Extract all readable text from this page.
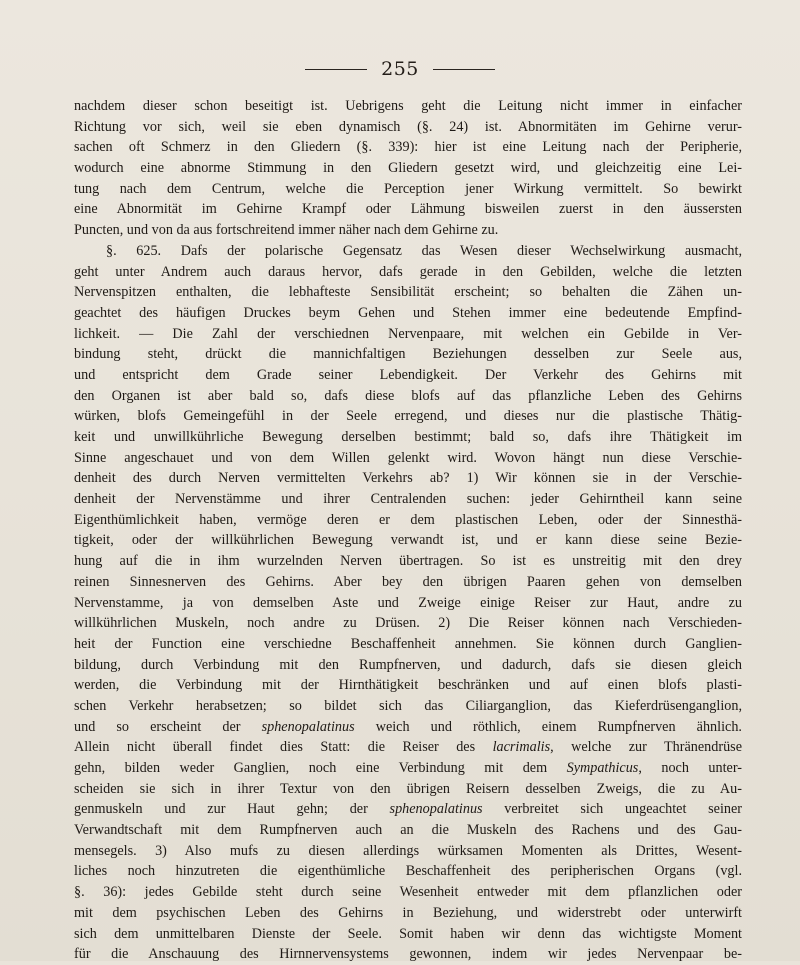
255
nachdem dieser schon beseitigt ist. Uebrigens geht die Leitung nicht immer in einfacher
Richtung vor sich, weil sie eben dynamisch (§. 24) ist. Abnormitäten im Gehirne verur-
sachen oft Schmerz in den Gliedern (§. 339): hier ist eine Leitung nach der Peripherie,
wodurch eine abnorme Stimmung in den Gliedern gesetzt wird, und gleichzeitig eine Lei-
tung nach dem Centrum, welche die Perception jener Wirkung vermittelt. So bewirkt
eine Abnormität im Gehirne Krampf oder Lähmung bisweilen zuerst in den äussersten
Puncten, und von da aus fortschreitend immer näher nach dem Gehirne zu.
§. 625. Dafs der polarische Gegensatz das Wesen dieser Wechselwirkung ausmacht,
geht unter Andrem auch daraus hervor, dafs gerade in den Gebilden, welche die letzten
Nervenspitzen enthalten, die lebhafteste Sensibilität erscheint; so behalten die Zähen un-
geachtet des häufigen Druckes beym Gehen und Stehen immer eine bedeutende Empfind-
lichkeit. — Die Zahl der verschiednen Nervenpaare, mit welchen ein Gebilde in Ver-
bindung steht, drückt die mannichfaltigen Beziehungen desselben zur Seele aus,
und entspricht dem Grade seiner Lebendigkeit. Der Verkehr des Gehirns mit
den Organen ist aber bald so, dafs diese blofs auf das pflanzliche Leben des Gehirns
würken, blofs Gemeingefühl in der Seele erregend, und dieses nur die plastische Thätig-
keit und unwillkührliche Bewegung derselben bestimmt; bald so, dafs ihre Thätigkeit im
Sinne angeschauet und von dem Willen gelenkt wird. Wovon hängt nun diese Verschie-
denheit des durch Nerven vermittelten Verkehrs ab? 1) Wir können sie in der Verschie-
denheit der Nervenstämme und ihrer Centralenden suchen: jeder Gehirntheil kann seine
Eigenthümlichkeit haben, vermöge deren er dem plastischen Leben, oder der Sinnesthä-
tigkeit, oder der willkührlichen Bewegung verwandt ist, und er kann diese seine Bezie-
hung auf die in ihm wurzelnden Nerven übertragen. So ist es unstreitig mit den drey
reinen Sinnesnerven des Gehirns. Aber bey den übrigen Paaren gehen von demselben
Nervenstamme, ja von demselben Aste und Zweige einige Reiser zur Haut, andre zu
willkührlichen Muskeln, noch andre zu Drüsen. 2) Die Reiser können nach Verschieden-
heit der Function eine verschiedne Beschaffenheit annehmen. Sie können durch Ganglien-
bildung, durch Verbindung mit den Rumpfnerven, und dadurch, dafs sie diesen gleich
werden, die Verbindung mit der Hirnthätigkeit beschränken und auf einen blofs plasti-
schen Verkehr herabsetzen; so bildet sich das Ciliarganglion, das Kieferdrüsenganglion,
und so erscheint der sphenopalatinus weich und röthlich, einem Rumpfnerven ähnlich.
Allein nicht überall findet dies Statt: die Reiser des lacrimalis, welche zur Thränendrüse
gehn, bilden weder Ganglien, noch eine Verbindung mit dem Sympathicus, noch unter-
scheiden sie sich in ihrer Textur von den übrigen Reisern desselben Zweigs, die zu Au-
genmuskeln und zur Haut gehn; der sphenopalatinus verbreitet sich ungeachtet seiner
Verwandtschaft mit dem Rumpfnerven auch an die Muskeln des Rachens und des Gau-
mensegels. 3) Also mufs zu diesen allerdings würksamen Momenten als Drittes, Wesent-
liches noch hinzutreten die eigenthümliche Beschaffenheit des peripherischen Organs (vgl.
§. 36): jedes Gebilde steht durch seine Wesenheit entweder mit dem pflanzlichen oder
mit dem psychischen Leben des Gehirns in Beziehung, und widerstrebt oder unterwirft
sich dem unmittelbaren Dienste der Seele. Somit haben wir denn das wichtigste Moment
für die Anschauung des Hirnnervensystems gewonnen, indem wir jedes Nervenpaar be-
